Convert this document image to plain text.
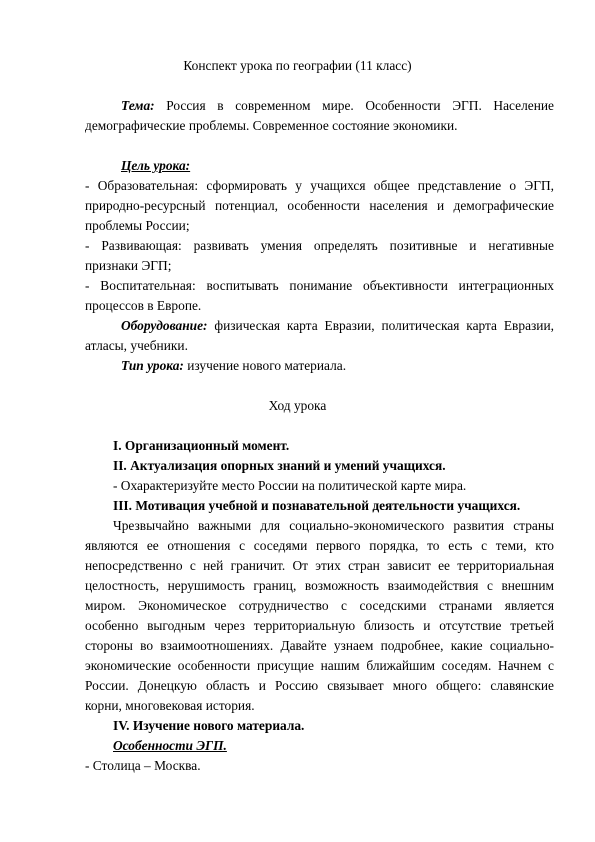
Конспект урока по географии (11 класс)
Тема: Россия в современном мире. Особенности ЭГП. Население
демографические проблемы. Современное состояние экономики.
Цель урока:
- Образовательная: сформировать у учащихся общее представление о ЭГП,
природно-ресурсный потенциал, особенности населения и демографические
проблемы России;
- Развивающая: развивать умения определять позитивные и негативные
признаки ЭГП;
- Воспитательная: воспитывать понимание объективности интеграционных
процессов в Европе.
Оборудование: физическая карта Евразии, политическая карта Евразии,
атласы, учебники.
Тип урока: изучение нового материала.
Ход урока
I. Организационный момент.
II. Актуализация опорных знаний и умений учащихся.
- Охарактеризуйте место России на политической карте мира.
III. Мотивация учебной и познавательной деятельности учащихся.
Чрезвычайно важными для социально-экономического развития страны
являются ее отношения с соседями первого порядка, то есть с теми, кто
непосредственно с ней граничит. От этих стран зависит ее территориальная
целостность, нерушимость границ, возможность взаимодействия с внешним
миром. Экономическое сотрудничество с соседскими странами является
особенно выгодным через территориальную близость и отсутствие третьей
стороны во взаимоотношениях. Давайте узнаем подробнее, какие социально-
экономические особенности присущие нашим ближайшим соседям. Начнем с
России. Донецкую область и Россию связывает много общего: славянские
корни, многовековая история.
IV. Изучение нового материала.
Особенности ЭГП.
- Столица – Москва.
